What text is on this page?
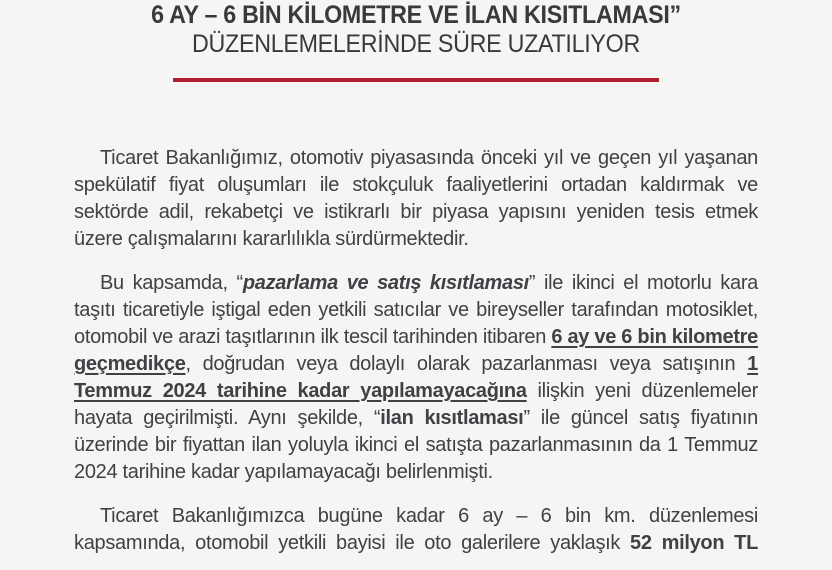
6 AY – 6 BİN KİLOMETRE VE İLAN KISITLAMASI”
DÜZENLEMELERİNDE SÜRE UZATILIYOR

Ticaret Bakanlığımız, otomotiv piyasasında önceki yıl ve geçen yıl yaşanan spekülatif fiyat oluşumları ile stokçuluk faaliyetlerini ortadan kaldırmak ve sektörde adil, rekabetçi ve istikrarlı bir piyasa yapısını yeniden tesis etmek üzere çalışmalarını kararlılıkla sürdürmektedir.

Bu kapsamda, “pazarlama ve satış kısıtlaması” ile ikinci el motorlu kara taşıtı ticaretiyle iştigal eden yetkili satıcılar ve bireyseller tarafından motosiklet, otomobil ve arazi taşıtlarının ilk tescil tarihinden itibaren 6 ay ve 6 bin kilometre geçmedikçe, doğrudan veya dolaylı olarak pazarlanması veya satışının 1 Temmuz 2024 tarihine kadar yapılamayacağına ilişkin yeni düzenlemeler hayata geçirilmişti. Aynı şekilde, “ilan kısıtlaması” ile güncel satış fiyatının üzerinde bir fiyattan ilan yoluyla ikinci el satışta pazarlanmasının da 1 Temmuz 2024 tarihine kadar yapılamayacağı belirlenmişti.

Ticaret Bakanlığımızca bugüne kadar 6 ay – 6 bin km. düzenlemesi kapsamında, otomobil yetkili bayisi ile oto galerilere yaklaşık 52 milyon TL
